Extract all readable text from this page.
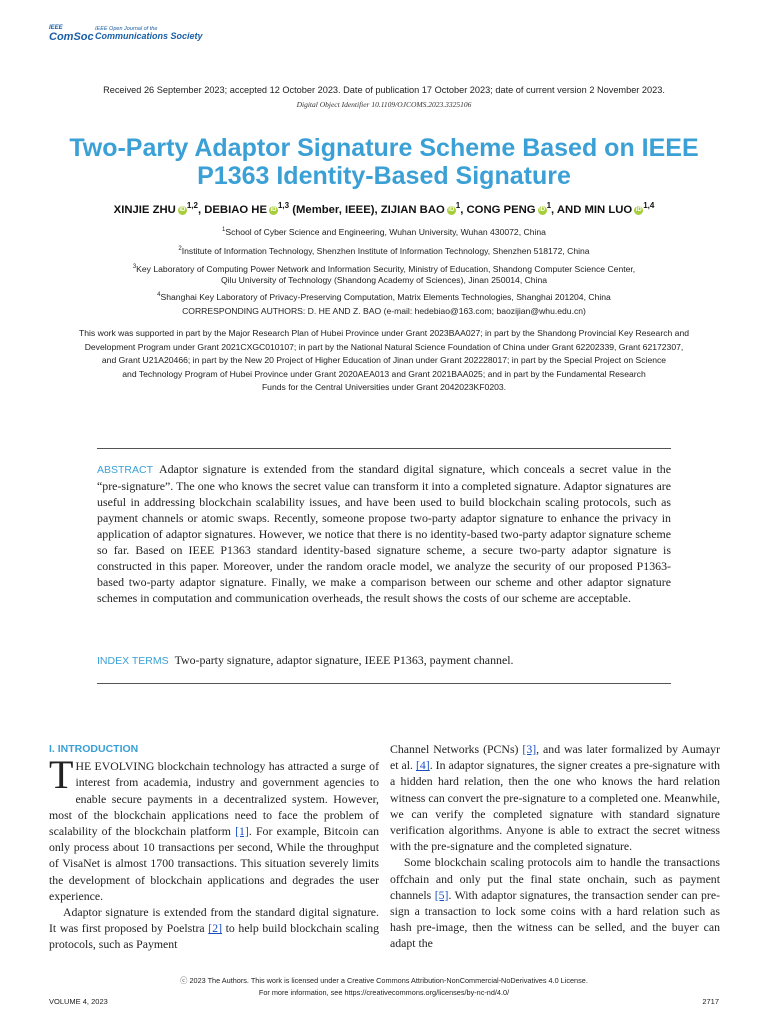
IEEE
ComSoc
IEEE Open Journal of the
Communications Society
Received 26 September 2023; accepted 12 October 2023. Date of publication 17 October 2023; date of current version 2 November 2023.
Digital Object Identifier 10.1109/OJCOMS.2023.3325106
Two-Party Adaptor Signature Scheme Based on IEEE P1363 Identity-Based Signature
XINJIE ZHU iD $^{1,2}$, DEBIAO HE iD $^{1,3}$ (Member, IEEE), ZIJIAN BAO iD $^1$, CONG PENG iD $^1$, AND MIN LUO iD $^{1,4}$
$^1$School of Cyber Science and Engineering, Wuhan University, Wuhan 430072, China
$^2$Institute of Information Technology, Shenzhen Institute of Information Technology, Shenzhen 518172, China
$^3$Key Laboratory of Computing Power Network and Information Security, Ministry of Education, Shandong Computer Science Center,
Qilu University of Technology (Shandong Academy of Sciences), Jinan 250014, China
$^4$Shanghai Key Laboratory of Privacy-Preserving Computation, Matrix Elements Technologies, Shanghai 201204, China
CORRESPONDING AUTHORS: D. HE AND Z. BAO (e-mail: hedebiao@163.com; baozijian@whu.edu.cn)
This work was supported in part by the Major Research Plan of Hubei Province under Grant 2023BAA027; in part by the Shandong Provincial Key Research and
Development Program under Grant 2021CXGC010107; in part by the National Natural Science Foundation of China under Grant 62202339, Grant 62172307,
and Grant U21A20466; in part by the New 20 Project of Higher Education of Jinan under Grant 202228017; in part by the Special Project on Science
and Technology Program of Hubei Province under Grant 2020AEA013 and Grant 2021BAA025; and in part by the Fundamental Research
Funds for the Central Universities under Grant 2042023KF0203.
ABSTRACT Adaptor signature is extended from the standard digital signature, which conceals a secret value in the “pre-signature”. The one who knows the secret value can transform it into a completed signature. Adaptor signatures are useful in addressing blockchain scalability issues, and have been used to build blockchain scaling protocols, such as payment channels or atomic swaps. Recently, someone propose two-party adaptor signature to enhance the privacy in application of adaptor signatures. However, we notice that there is no identity-based two-party adaptor signature scheme so far. Based on IEEE P1363 standard identity-based signature scheme, a secure two-party adaptor signature is constructed in this paper. Moreover, under the random oracle model, we analyze the security of our proposed P1363-based two-party adaptor signature. Finally, we make a comparison between our scheme and other adaptor signature schemes in computation and communication overheads, the result shows the costs of our scheme are acceptable.
INDEX TERMS Two-party signature, adaptor signature, IEEE P1363, payment channel.
I. INTRODUCTION

THE EVOLVING blockchain technology has attracted a surge of interest from academia, industry and government agencies to enable secure payments in a decentralized system. However, most of the blockchain applications need to face the problem of scalability of the blockchain platform [1]. For example, Bitcoin can only process about 10 transactions per second, While the throughput of VisaNet is almost 1700 transactions. This situation severely limits the development of blockchain applications and degrades the user experience.

Adaptor signature is extended from the standard digital signature. It was first proposed by Poelstra [2] to help build blockchain scaling protocols, such as Payment

Channel Networks (PCNs) [3], and was later formalized by Aumayr et al. [4]. In adaptor signatures, the signer creates a pre-signature with a hidden hard relation, then the one who knows the hard relation witness can convert the pre-signature to a completed one. Meanwhile, we can verify the completed signature with standard signature verification algorithms. Anyone is able to extract the secret witness with the pre-signature and the completed signature.

Some blockchain scaling protocols aim to handle the transactions offchain and only put the final state onchain, such as payment channels [5]. With adaptor signatures, the transaction sender can pre-sign a transaction to lock some coins with a hard relation such as hash pre-image, then the witness can be selled, and the buyer can adapt the

ⓒ 2023 The Authors. This work is licensed under a Creative Commons Attribution-NonCommercial-NoDerivatives 4.0 License.
For more information, see https://creativecommons.org/licenses/by-nc-nd/4.0/
VOLUME 4, 2023	2717
